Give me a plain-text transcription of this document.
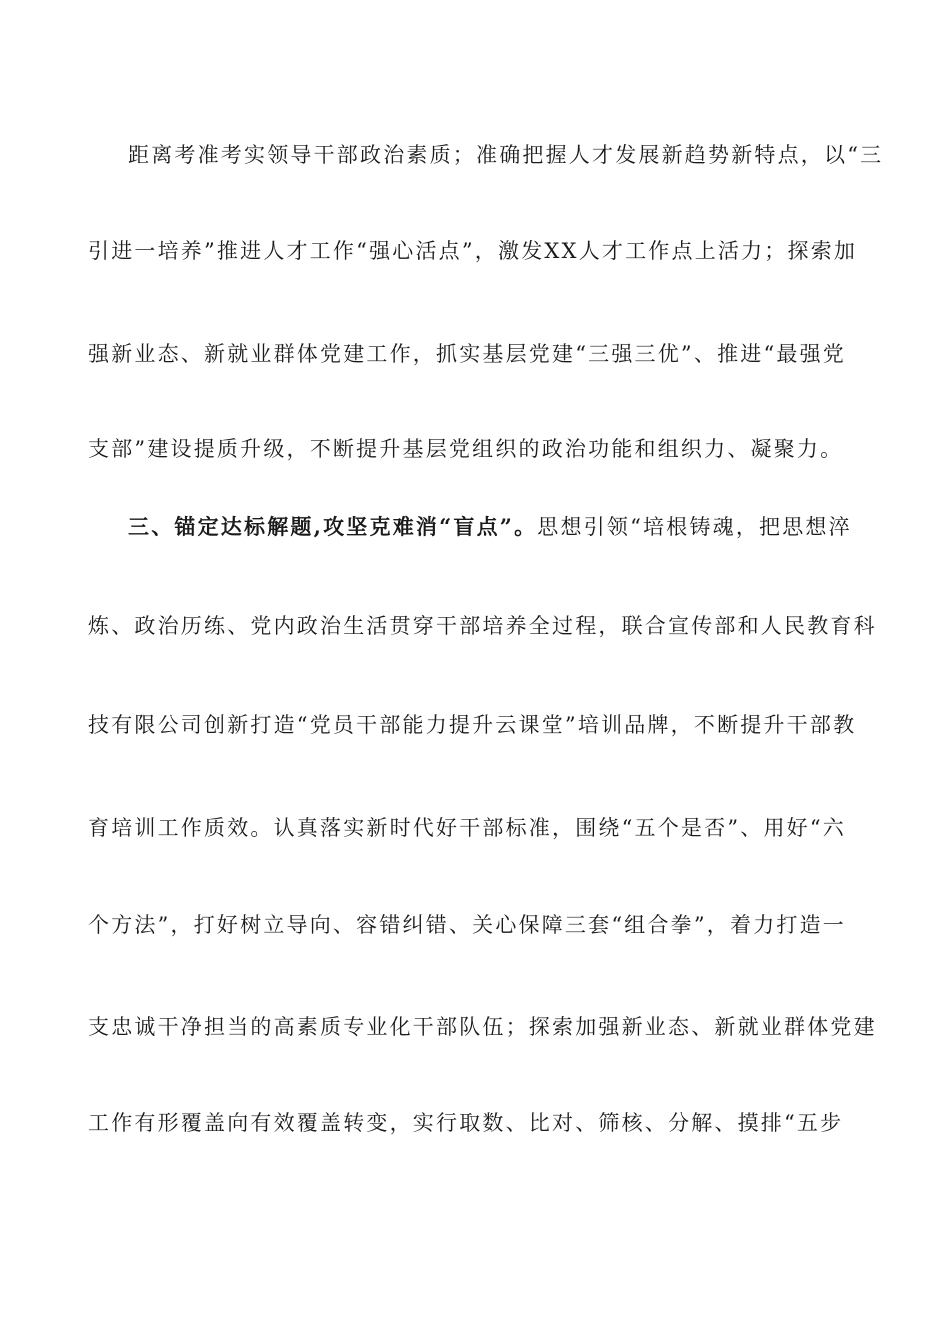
距离考准考实领导干部政治素质；准确把握人才发展新趋势新特点，以“三
引进一培养”推进人才工作“强心活点”，激发XX人才工作点上活力；探索加
强新业态、新就业群体党建工作，抓实基层党建“三强三优”、推进“最强党
支部”建设提质升级，不断提升基层党组织的政治功能和组织力、凝聚力。
三、锚定达标解题,攻坚克难消“盲点”。思想引领“培根铸魂，把思想淬
炼、政治历练、党内政治生活贯穿干部培养全过程，联合宣传部和人民教育科
技有限公司创新打造“党员干部能力提升云课堂”培训品牌，不断提升干部教
育培训工作质效。认真落实新时代好干部标准，围绕“五个是否”、用好“六
个方法”，打好树立导向、容错纠错、关心保障三套“组合拳”，着力打造一
支忠诚干净担当的高素质专业化干部队伍；探索加强新业态、新就业群体党建
工作有形覆盖向有效覆盖转变，实行取数、比对、筛核、分解、摸排“五步
